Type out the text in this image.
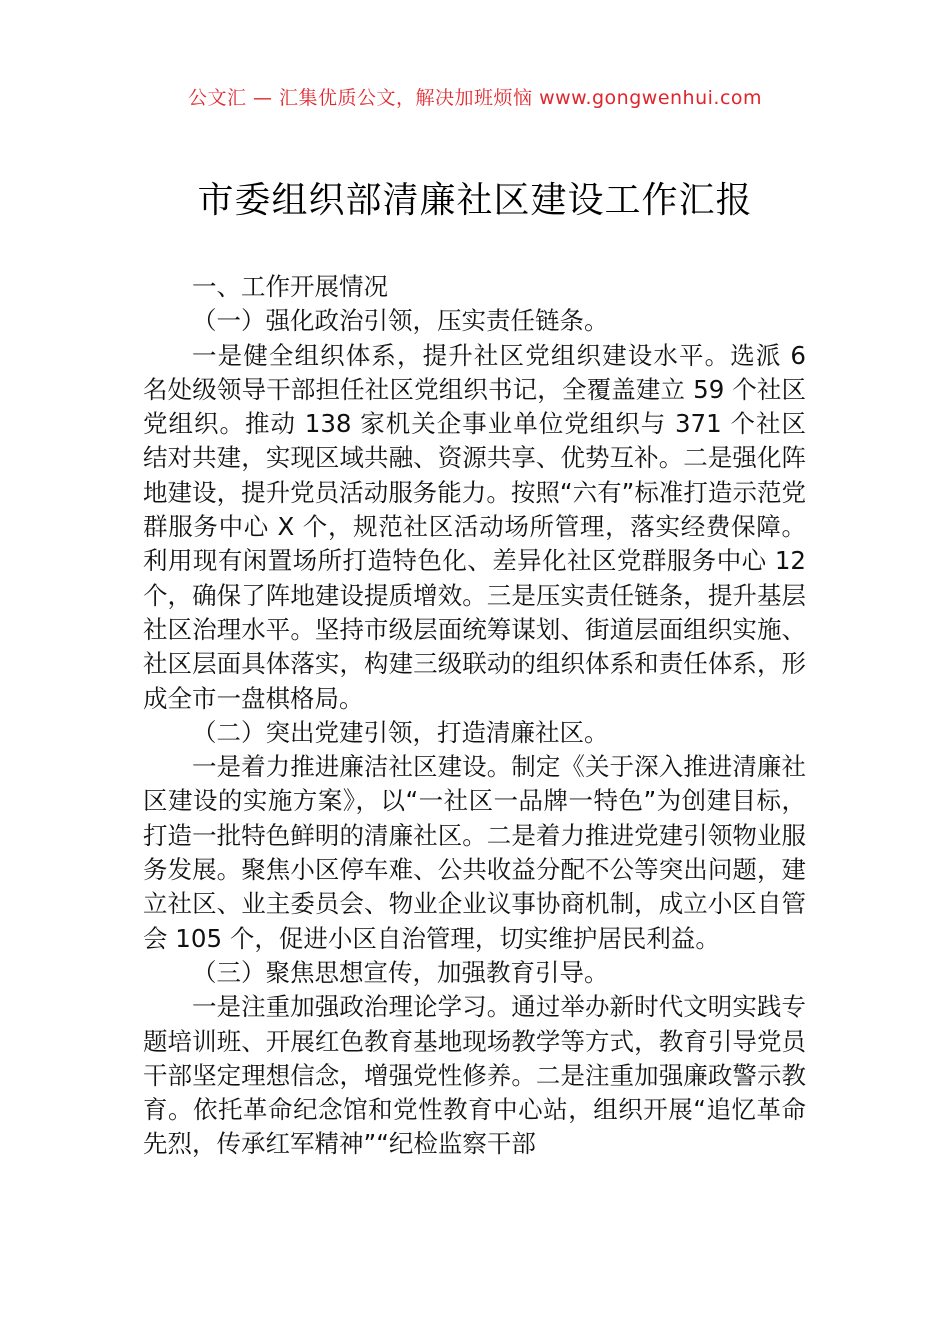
公文汇 — 汇集优质公文，解决加班烦恼 www.gongwenhui.com
市委组织部清廉社区建设工作汇报

一、工作开展情况

（一）强化政治引领，压实责任链条。

一是健全组织体系，提升社区党组织建设水平。选派 6 名处级领导干部担任社区党组织书记，全覆盖建立 59 个社区党组织。推动 138 家机关企事业单位党组织与 371 个社区结对共建，实现区域共融、资源共享、优势互补。二是强化阵地建设，提升党员活动服务能力。按照“六有”标准打造示范党群服务中心 X 个，规范社区活动场所管理，落实经费保障。利用现有闲置场所打造特色化、差异化社区党群服务中心 12 个，确保了阵地建设提质增效。三是压实责任链条，提升基层社区治理水平。坚持市级层面统筹谋划、街道层面组织实施、社区层面具体落实，构建三级联动的组织体系和责任体系，形成全市一盘棋格局。

（二）突出党建引领，打造清廉社区。

一是着力推进廉洁社区建设。制定《关于深入推进清廉社区建设的实施方案》，以“一社区一品牌一特色”为创建目标，打造一批特色鲜明的清廉社区。二是着力推进党建引领物业服务发展。聚焦小区停车难、公共收益分配不公等突出问题，建立社区、业主委员会、物业企业议事协商机制，成立小区自管会 105 个，促进小区自治管理，切实维护居民利益。

（三）聚焦思想宣传，加强教育引导。

一是注重加强政治理论学习。通过举办新时代文明实践专题培训班、开展红色教育基地现场教学等方式，教育引导党员干部坚定理想信念，增强党性修养。二是注重加强廉政警示教育。依托革命纪念馆和党性教育中心站，组织开展“追忆革命先烈，传承红军精神”“纪检监察干部
